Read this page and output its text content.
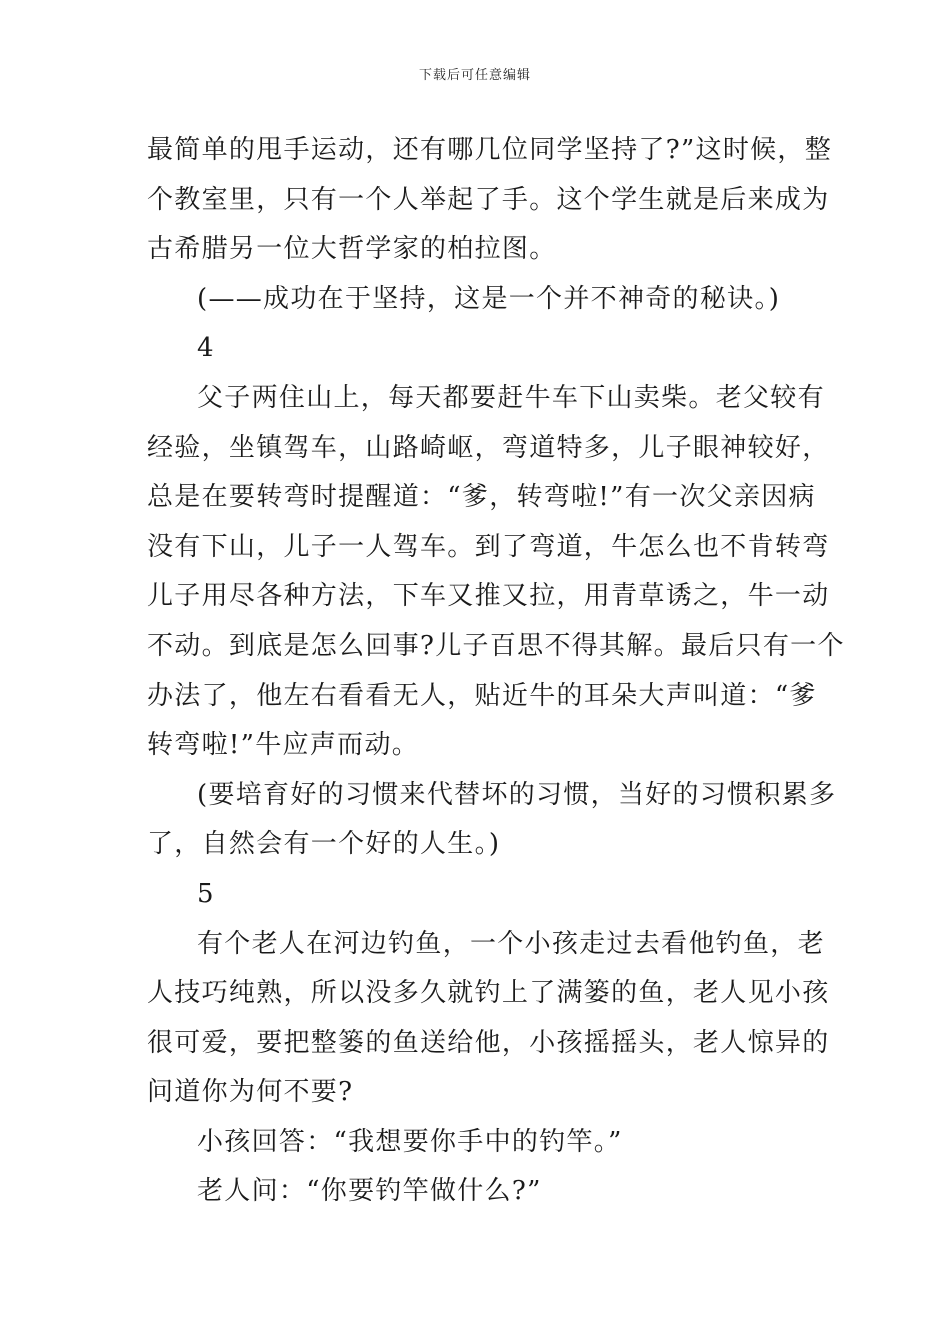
下载后可任意编辑
最简单的甩手运动，还有哪几位同学坚持了?”这时候，整
个教室里，只有一个人举起了手。这个学生就是后来成为
古希腊另一位大哲学家的柏拉图。
(——成功在于坚持，这是一个并不神奇的秘诀。)
4
父子两住山上，每天都要赶牛车下山卖柴。老父较有
经验，坐镇驾车，山路崎岖，弯道特多，儿子眼神较好，
总是在要转弯时提醒道：“爹，转弯啦!”有一次父亲因病
没有下山，儿子一人驾车。到了弯道，牛怎么也不肯转弯
儿子用尽各种方法，下车又推又拉，用青草诱之，牛一动
不动。到底是怎么回事?儿子百思不得其解。最后只有一个
办法了，他左右看看无人，贴近牛的耳朵大声叫道：“爹
转弯啦!”牛应声而动。
(要培育好的习惯来代替坏的习惯，当好的习惯积累多
了，自然会有一个好的人生。)
5
有个老人在河边钓鱼，一个小孩走过去看他钓鱼，老
人技巧纯熟，所以没多久就钓上了满篓的鱼，老人见小孩
很可爱，要把整篓的鱼送给他，小孩摇摇头，老人惊异的
问道你为何不要?
小孩回答：“我想要你手中的钓竿。”
老人问：“你要钓竿做什么?”
